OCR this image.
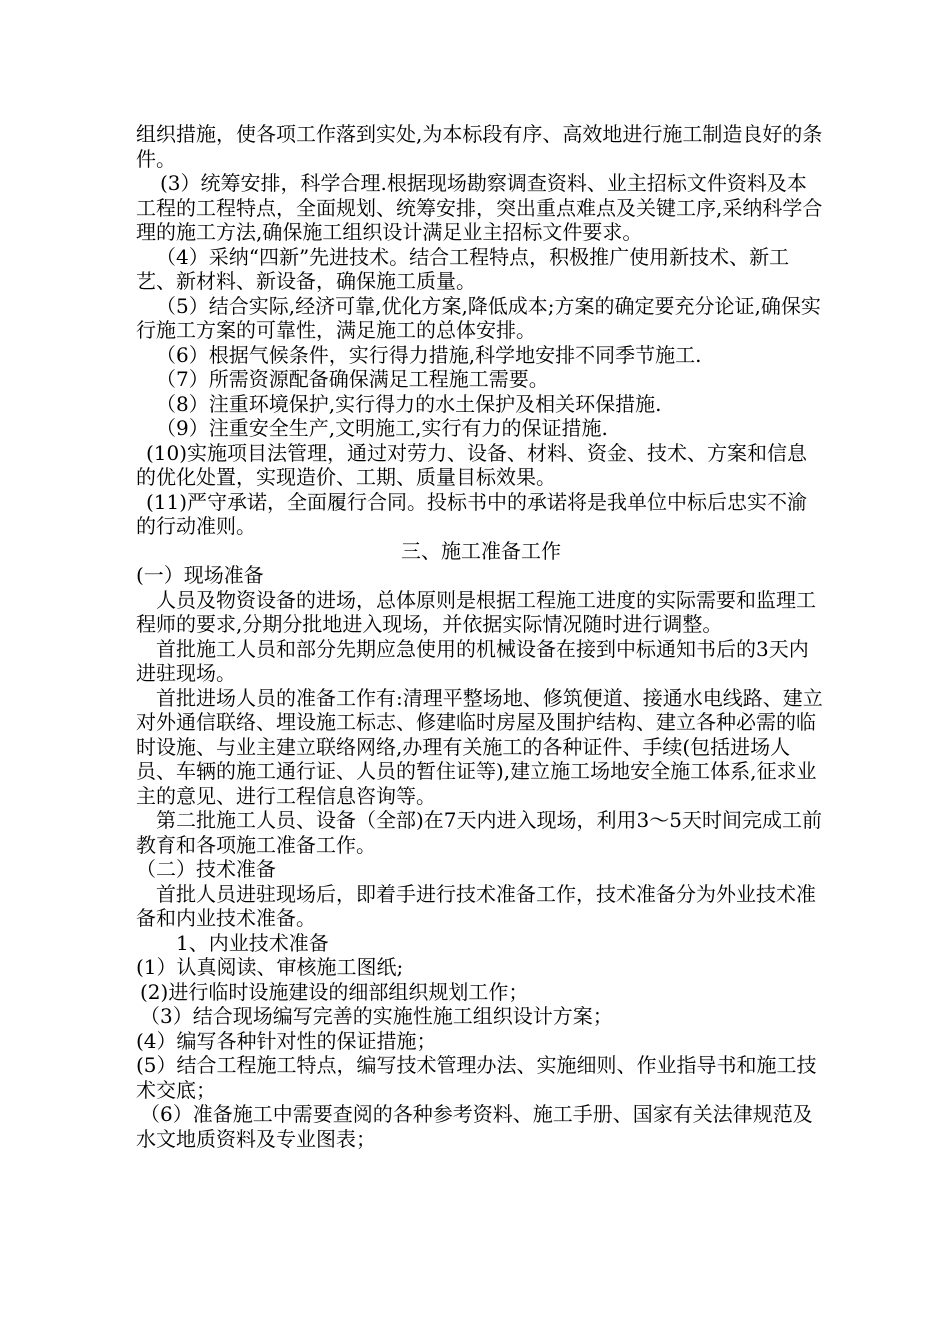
组织措施，使各项工作落到实处,为本标段有序、高效地进行施工制造良好的条件。

(3）统筹安排，科学合理.根据现场勘察调查资料、业主招标文件资料及本工程的工程特点，全面规划、统筹安排，突出重点难点及关键工序,采纳科学合理的施工方法,确保施工组织设计满足业主招标文件要求。

（4）采纳“四新”先进技术。结合工程特点，积极推广使用新技术、新工艺、新材料、新设备，确保施工质量。

（5）结合实际,经济可靠,优化方案,降低成本;方案的确定要充分论证,确保实行施工方案的可靠性，满足施工的总体安排。

（6）根据气候条件，实行得力措施,科学地安排不同季节施工.

（7）所需资源配备确保满足工程施工需要。

（8）注重环境保护,实行得力的水土保护及相关环保措施.

（9）注重安全生产,文明施工,实行有力的保证措施.

(10)实施项目法管理，通过对劳力、设备、材料、资金、技术、方案和信息的优化处置，实现造价、工期、质量目标效果。

(11)严守承诺，全面履行合同。投标书中的承诺将是我单位中标后忠实不渝的行动准则。

三、施工准备工作

(一）现场准备

人员及物资设备的进场，总体原则是根据工程施工进度的实际需要和监理工程师的要求,分期分批地进入现场，并依据实际情况随时进行调整。

首批施工人员和部分先期应急使用的机械设备在接到中标通知书后的3天内进驻现场。

首批进场人员的准备工作有:清理平整场地、修筑便道、接通水电线路、建立对外通信联络、埋设施工标志、修建临时房屋及围护结构、建立各种必需的临时设施、与业主建立联络网络,办理有关施工的各种证件、手续(包括进场人员、车辆的施工通行证、人员的暂住证等),建立施工场地安全施工体系,征求业主的意见、进行工程信息咨询等。

第二批施工人员、设备（全部)在7天内进入现场，利用3～5天时间完成工前教育和各项施工准备工作。

（二）技术准备

首批人员进驻现场后，即着手进行技术准备工作，技术准备分为外业技术准备和内业技术准备。

1、内业技术准备

(1）认真阅读、审核施工图纸;

(2)进行临时设施建设的细部组织规划工作；

（3）结合现场编写完善的实施性施工组织设计方案；

(4）编写各种针对性的保证措施；

(5）结合工程施工特点，编写技术管理办法、实施细则、作业指导书和施工技术交底；

（6）准备施工中需要查阅的各种参考资料、施工手册、国家有关法律规范及水文地质资料及专业图表；
